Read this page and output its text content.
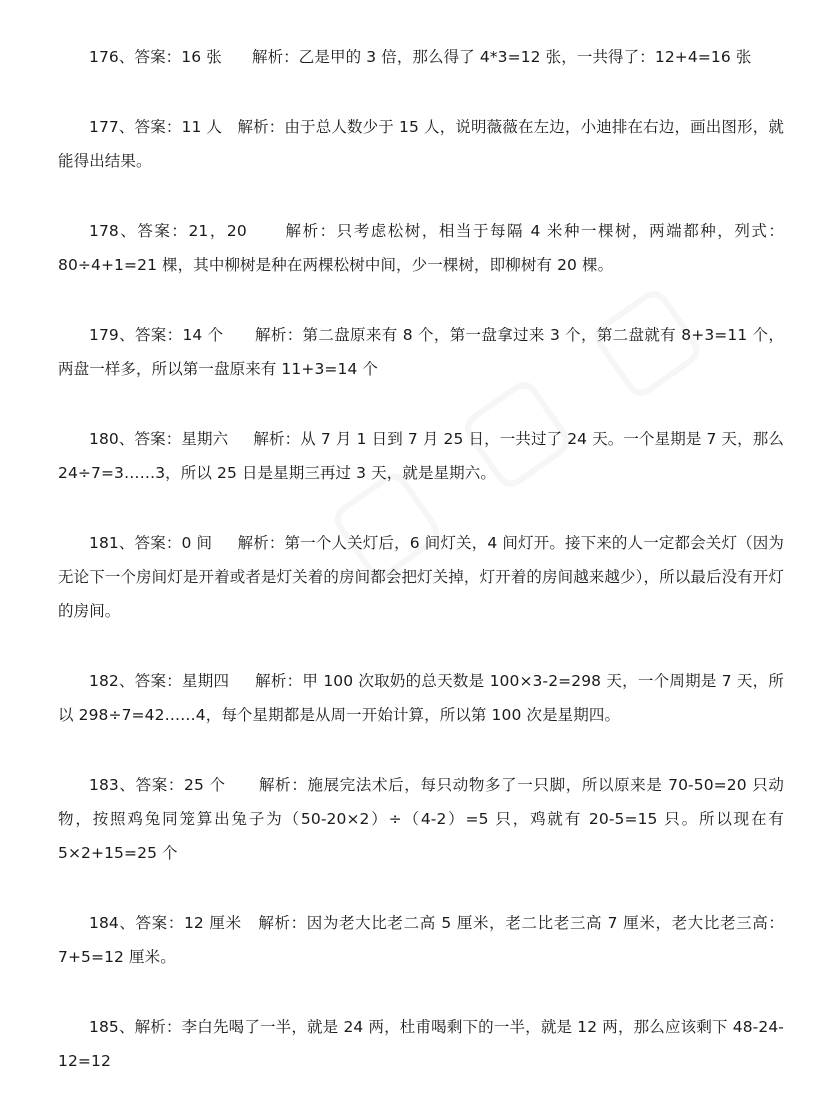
176、答案：16 张      解析：乙是甲的 3 倍，那么得了 4*3=12 张，一共得了：12+4=16 张

177、答案：11 人   解析：由于总人数少于 15 人，说明薇薇在左边，小迪排在右边，画出图形，就能得出结果。

178、答案：21，20      解析：只考虑松树，相当于每隔 4 米种一棵树，两端都种，列式：80÷4+1=21 棵，其中柳树是种在两棵松树中间，少一棵树，即柳树有 20 棵。

179、答案：14 个      解析：第二盘原来有 8 个，第一盘拿过来 3 个，第二盘就有 8+3=11 个，两盘一样多，所以第一盘原来有 11+3=14 个

180、答案：星期六     解析：从 7 月 1 日到 7 月 25 日，一共过了 24 天。一个星期是 7 天，那么 24÷7=3……3，所以 25 日是星期三再过 3 天，就是星期六。

181、答案：0 间     解析：第一个人关灯后，6 间灯关，4 间灯开。接下来的人一定都会关灯（因为无论下一个房间灯是开着或者是灯关着的房间都会把灯关掉，灯开着的房间越来越少），所以最后没有开灯的房间。

182、答案：星期四     解析：甲 100 次取奶的总天数是 100×3-2=298 天，一个周期是 7 天，所以 298÷7=42……4，每个星期都是从周一开始计算，所以第 100 次是星期四。

183、答案：25 个      解析：施展完法术后，每只动物多了一只脚，所以原来是 70-50=20 只动物，按照鸡兔同笼算出兔子为（50-20×2）÷（4-2）=5 只，鸡就有 20-5=15 只。所以现在有 5×2+15=25 个

184、答案：12 厘米   解析：因为老大比老二高 5 厘米，老二比老三高 7 厘米，老大比老三高：7+5=12 厘米。

185、解析：李白先喝了一半，就是 24 两，杜甫喝剩下的一半，就是 12 两，那么应该剩下 48-24-12=12
